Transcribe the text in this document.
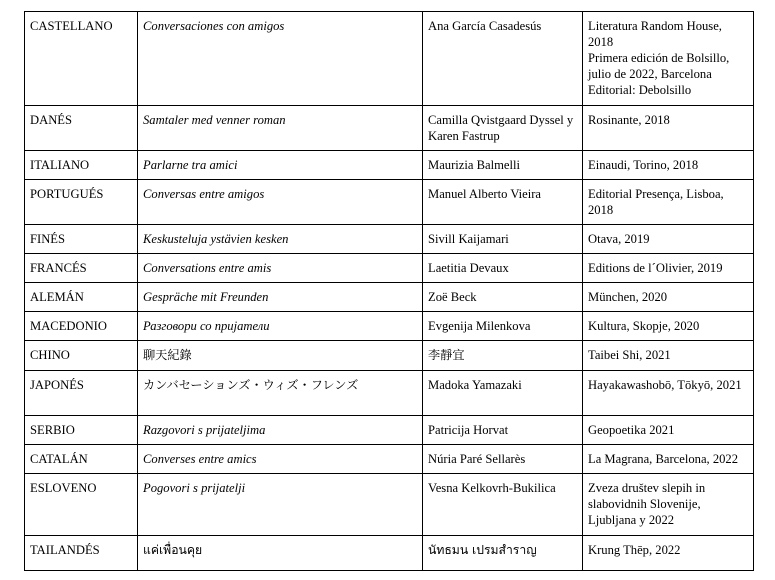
CASTELLANO	Conversaciones con amigos	Ana García Casadesús	Literatura Random House, 2018
Primera edición de Bolsillo, julio de 2022, Barcelona
Editorial: Debolsillo

DANÉS	Samtaler med venner roman	Camilla Qvistgaard Dyssel y Karen Fastrup	Rosinante, 2018

ITALIANO	Parlarne tra amici	Maurizia Balmelli	Einaudi, Torino, 2018

PORTUGUÉS	Conversas entre amigos	Manuel Alberto Vieira	Editorial Presença, Lisboa, 2018

FINÉS	Keskusteluja ystävien kesken	Sivill Kaijamari	Otava, 2019

FRANCÉS	Conversations entre amis	Laetitia Devaux	Editions de l´Olivier, 2019

ALEMÁN	Gespräche mit Freunden	Zoë Beck	München, 2020

MACEDONIO	Разговори со пријатели	Evgenija Milenkova	Kultura, Skopje, 2020

CHINO	聊天紀錄	李靜宜	Taibei Shi, 2021

JAPONÉS	カンバセーションズ・ウィズ・フレンズ	Madoka Yamazaki	Hayakawashobō, Tōkyō, 2021

SERBIO	Razgovori s prijateljima	Patricija Horvat	Geopoetika 2021

CATALÁN	Converses entre amics	Núria Paré Sellarès	La Magrana, Barcelona, 2022

ESLOVENO	Pogovori s prijatelji	Vesna Kelkovrh-Bukilica	Zveza društev slepih in slabovidnih Slovenije, Ljubljana y 2022

TAILANDÉS	แค่เพื่อนคุย	นัทธมน เปรมสำราญ	Krung Thēp, 2022
